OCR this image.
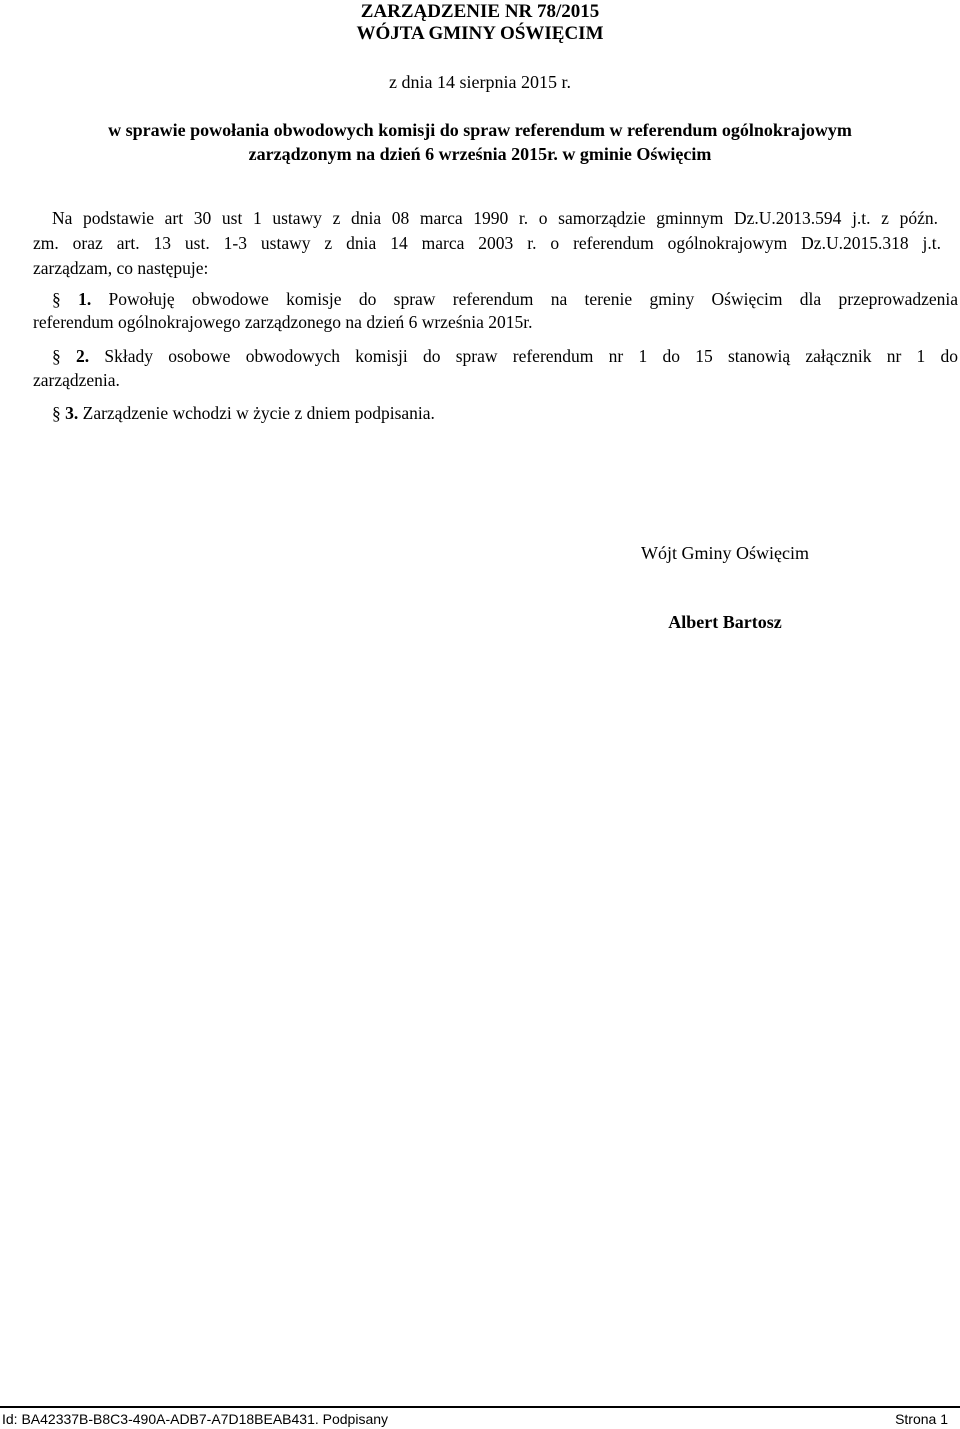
ZARZĄDZENIE NR 78/2015
WÓJTA GMINY OŚWIĘCIM
z dnia 14 sierpnia 2015 r.
w sprawie powołania obwodowych komisji do spraw referendum w referendum ogólnokrajowym
zarządzonym na dzień 6 września 2015r. w gminie Oświęcim
Na podstawie art 30 ust 1 ustawy z dnia 08 marca 1990 r. o samorządzie gminnym Dz.U.2013.594 j.t. z późn.
zm. oraz art. 13 ust. 1-3 ustawy z dnia 14 marca 2003 r. o referendum ogólnokrajowym Dz.U.2015.318 j.t.
zarządzam, co następuje:
§ 1. Powołuję obwodowe komisje do spraw referendum na terenie gminy Oświęcim dla przeprowadzenia
referendum ogólnokrajowego zarządzonego na dzień 6 września 2015r.
§ 2. Składy osobowe obwodowych komisji do spraw referendum nr 1 do 15 stanowią załącznik nr 1 do
zarządzenia.
§ 3. Zarządzenie wchodzi w życie z dniem podpisania.
Wójt Gminy Oświęcim
Albert Bartosz
Id: BA42337B-B8C3-490A-ADB7-A7D18BEAB431. Podpisany	Strona 1
